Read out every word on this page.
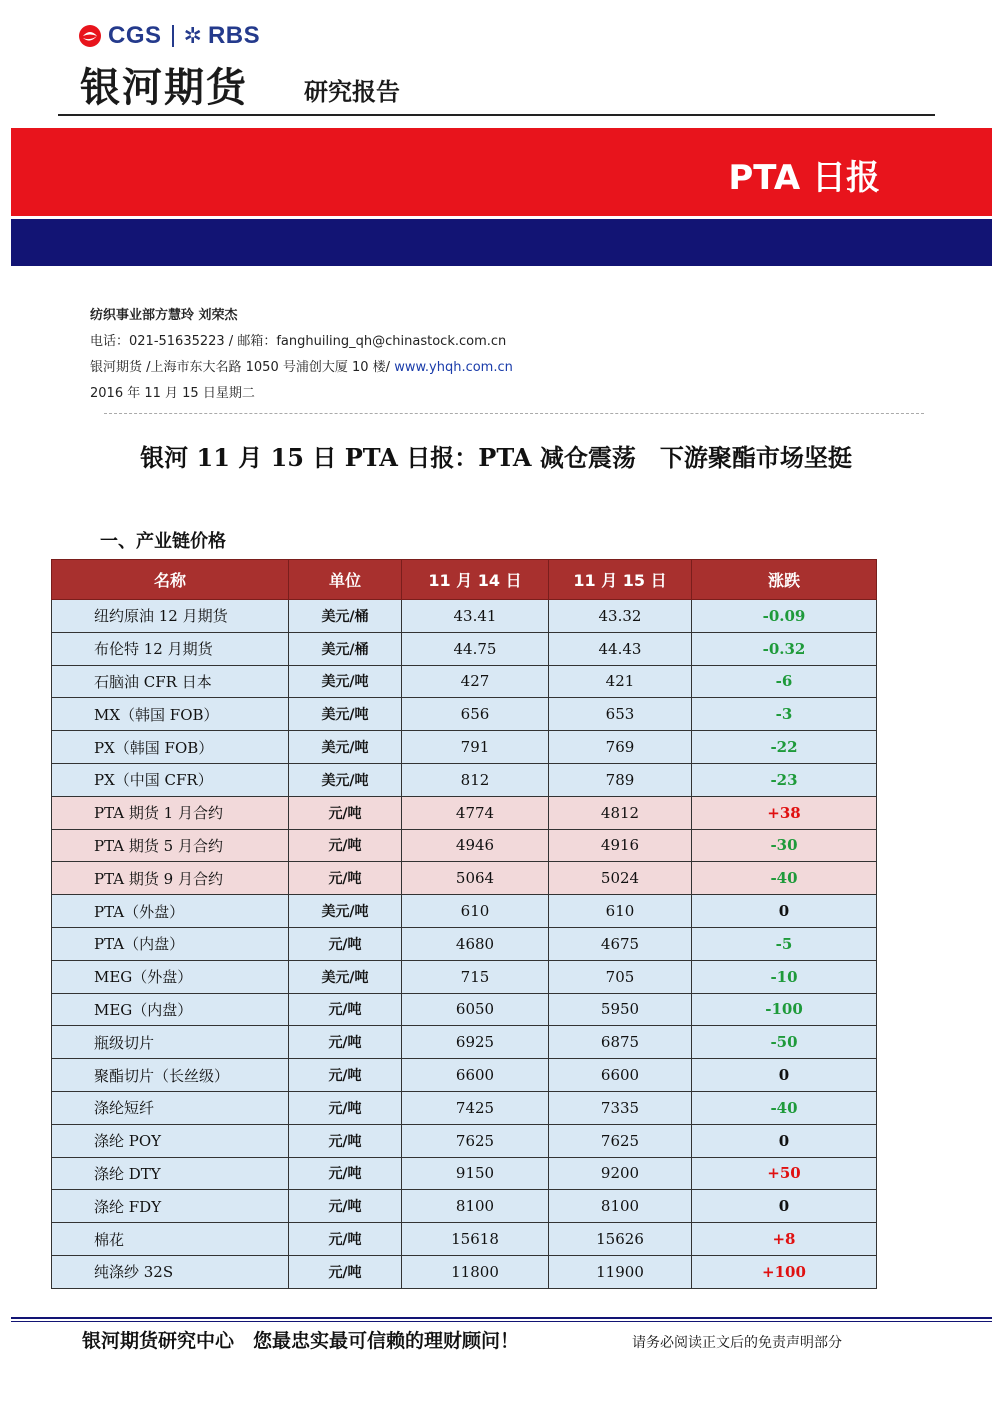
CGS ✲ RBS
银河期货 研究报告
PTA 日报
纺织事业部方慧玲 刘荣杰
电话：021-51635223 / 邮箱：fanghuiling_qh@chinastock.com.cn
银河期货 /上海市东大名路 1050 号浦创大厦 10 楼/ www.yhqh.com.cn
2016 年 11 月 15 日星期二
银河 11 月 15 日 PTA 日报：PTA 减仓震荡　下游聚酯市场坚挺
一、产业链价格
名称	单位	11 月 14 日	11 月 15 日	涨跌
纽约原油 12 月期货	美元/桶	43.41	43.32	-0.09
布伦特 12 月期货	美元/桶	44.75	44.43	-0.32
石脑油 CFR 日本	美元/吨	427	421	-6
MX（韩国 FOB）	美元/吨	656	653	-3
PX（韩国 FOB）	美元/吨	791	769	-22
PX（中国 CFR）	美元/吨	812	789	-23
PTA 期货 1 月合约	元/吨	4774	4812	+38
PTA 期货 5 月合约	元/吨	4946	4916	-30
PTA 期货 9 月合约	元/吨	5064	5024	-40
PTA（外盘）	美元/吨	610	610	0
PTA（内盘）	元/吨	4680	4675	-5
MEG（外盘）	美元/吨	715	705	-10
MEG（内盘）	元/吨	6050	5950	-100
瓶级切片	元/吨	6925	6875	-50
聚酯切片（长丝级）	元/吨	6600	6600	0
涤纶短纤	元/吨	7425	7335	-40
涤纶 POY	元/吨	7625	7625	0
涤纶 DTY	元/吨	9150	9200	+50
涤纶 FDY	元/吨	8100	8100	0
棉花	元/吨	15618	15626	+8
纯涤纱 32S	元/吨	11800	11900	+100
银河期货研究中心　您最忠实最可信赖的理财顾问！	请务必阅读正文后的免责声明部分
